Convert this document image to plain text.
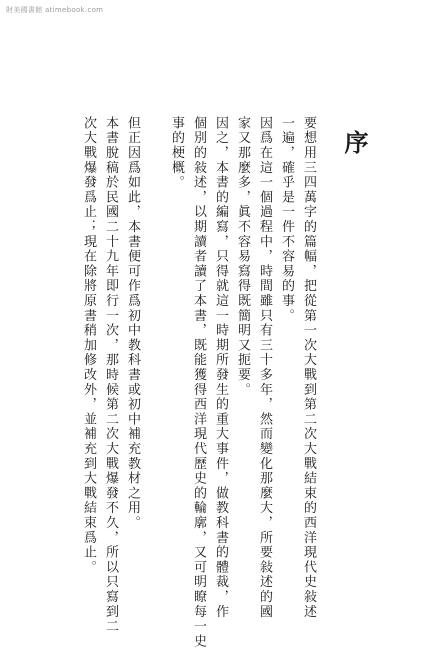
財美國書館 atimebook.com
序
要想用三四萬字的篇幅，把從第一次大戰到第二次大戰結束的西洋現代史敍述
一遍，確乎是一件不容易的事。
因爲在這一個過程中，時間雖只有三十多年，然而變化那麼大，所要敍述的國
家又那麼多，眞不容易寫得既簡明又扼要。
因之，本書的編寫，只得就這一時期所發生的重大事件，做教科書的體裁，作
個別的敍述，以期讀者讀了本書，既能獲得西洋現代歷史的輪廓，又可明瞭每一史
事的梗概。
但正因爲如此，本書便可作爲初中教科書或初中補充教材之用。
本書脫稿於民國二十九年即行一次，那時候第二次大戰爆發不久，所以只寫到二
次大戰爆發爲止；現在除將原書稍加修改外，並補充到大戰結束爲止。
